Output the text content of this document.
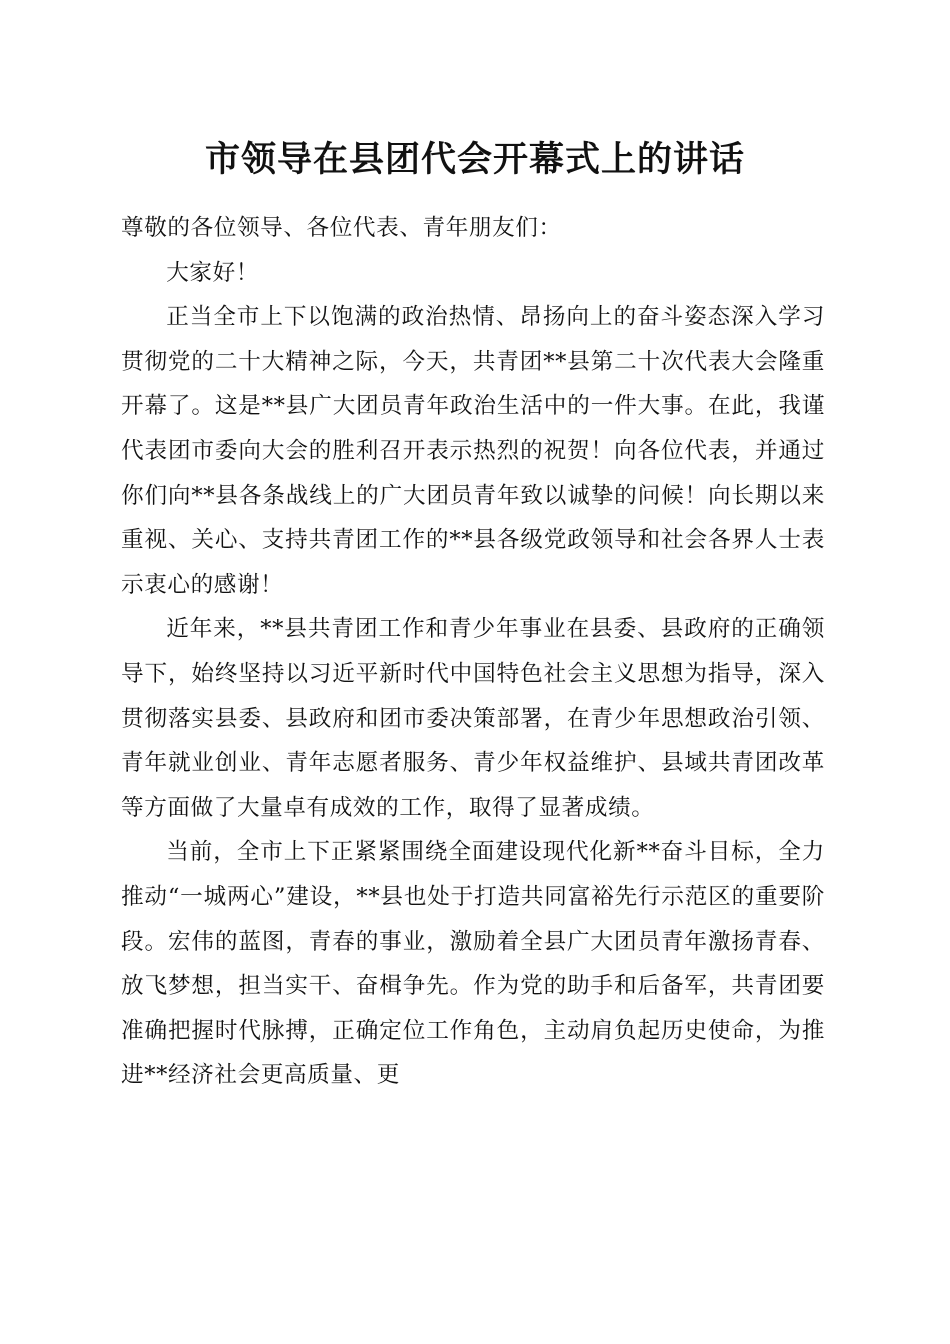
市领导在县团代会开幕式上的讲话

尊敬的各位领导、各位代表、青年朋友们：

大家好！

正当全市上下以饱满的政治热情、昂扬向上的奋斗姿态深入学习贯彻党的二十大精神之际，今天，共青团**县第二十次代表大会隆重开幕了。这是**县广大团员青年政治生活中的一件大事。在此，我谨代表团市委向大会的胜利召开表示热烈的祝贺！向各位代表，并通过你们向**县各条战线上的广大团员青年致以诚挚的问候！向长期以来重视、关心、支持共青团工作的**县各级党政领导和社会各界人士表示衷心的感谢！

近年来，**县共青团工作和青少年事业在县委、县政府的正确领导下，始终坚持以习近平新时代中国特色社会主义思想为指导，深入贯彻落实县委、县政府和团市委决策部署，在青少年思想政治引领、青年就业创业、青年志愿者服务、青少年权益维护、县域共青团改革等方面做了大量卓有成效的工作，取得了显著成绩。

当前，全市上下正紧紧围绕全面建设现代化新**奋斗目标，全力推动“一城两心”建设，**县也处于打造共同富裕先行示范区的重要阶段。宏伟的蓝图，青春的事业，激励着全县广大团员青年激扬青春、放飞梦想，担当实干、奋楫争先。作为党的助手和后备军，共青团要准确把握时代脉搏，正确定位工作角色，主动肩负起历史使命，为推进**经济社会更高质量、更
